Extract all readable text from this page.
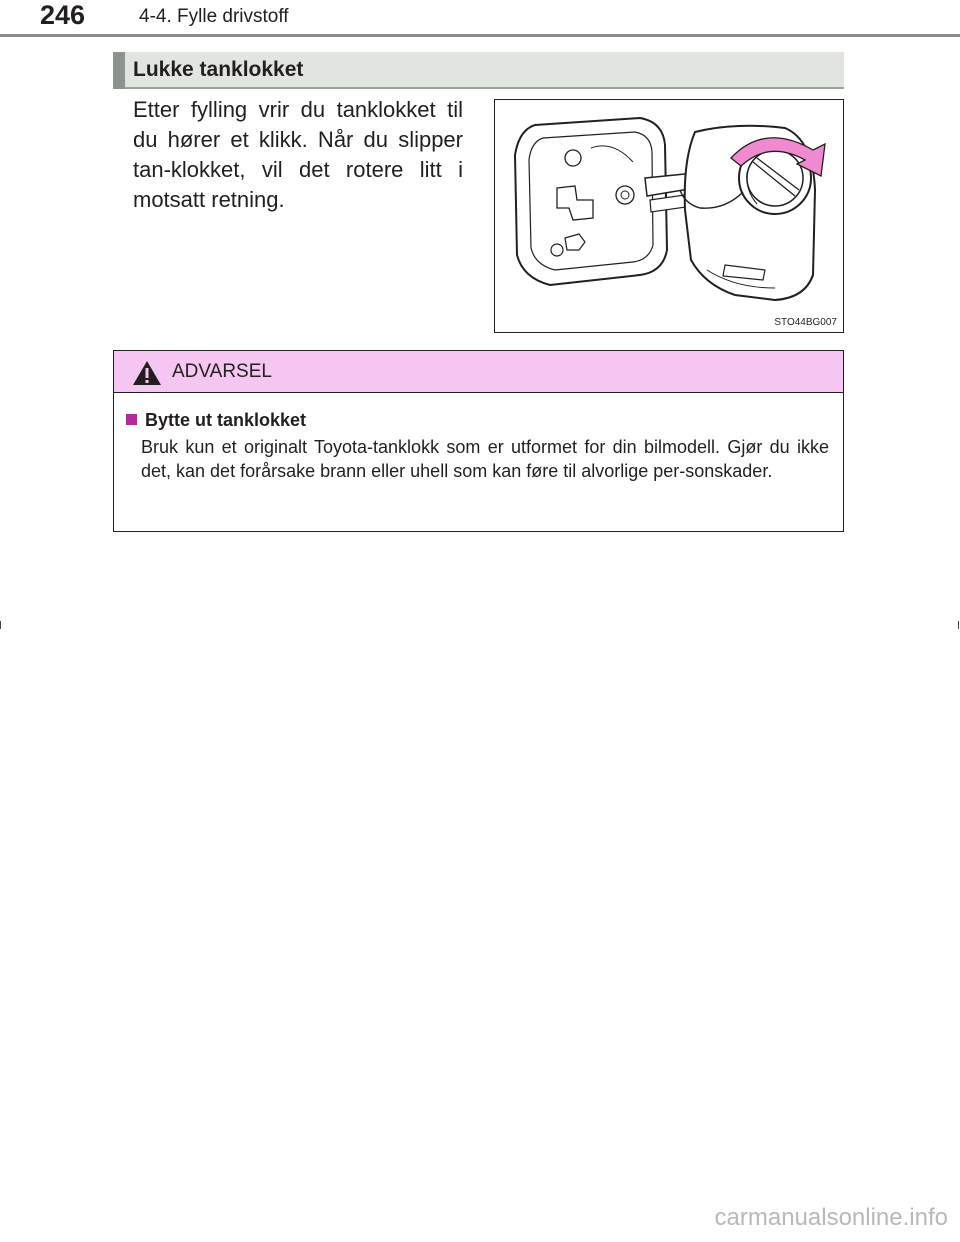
246	4-4. Fylle drivstoff
Lukke tanklokket
Etter fylling vrir du tanklokket til du hører et klikk. Når du slipper tan-klokket, vil det rotere litt i motsatt retning.
STO44BG007
ADVARSEL
Bytte ut tanklokket
Bruk kun et originalt Toyota-tanklokk som er utformet for din bilmodell. Gjør du ikke det, kan det forårsake brann eller uhell som kan føre til alvorlige per-sonskader.
carmanualsonline.info
